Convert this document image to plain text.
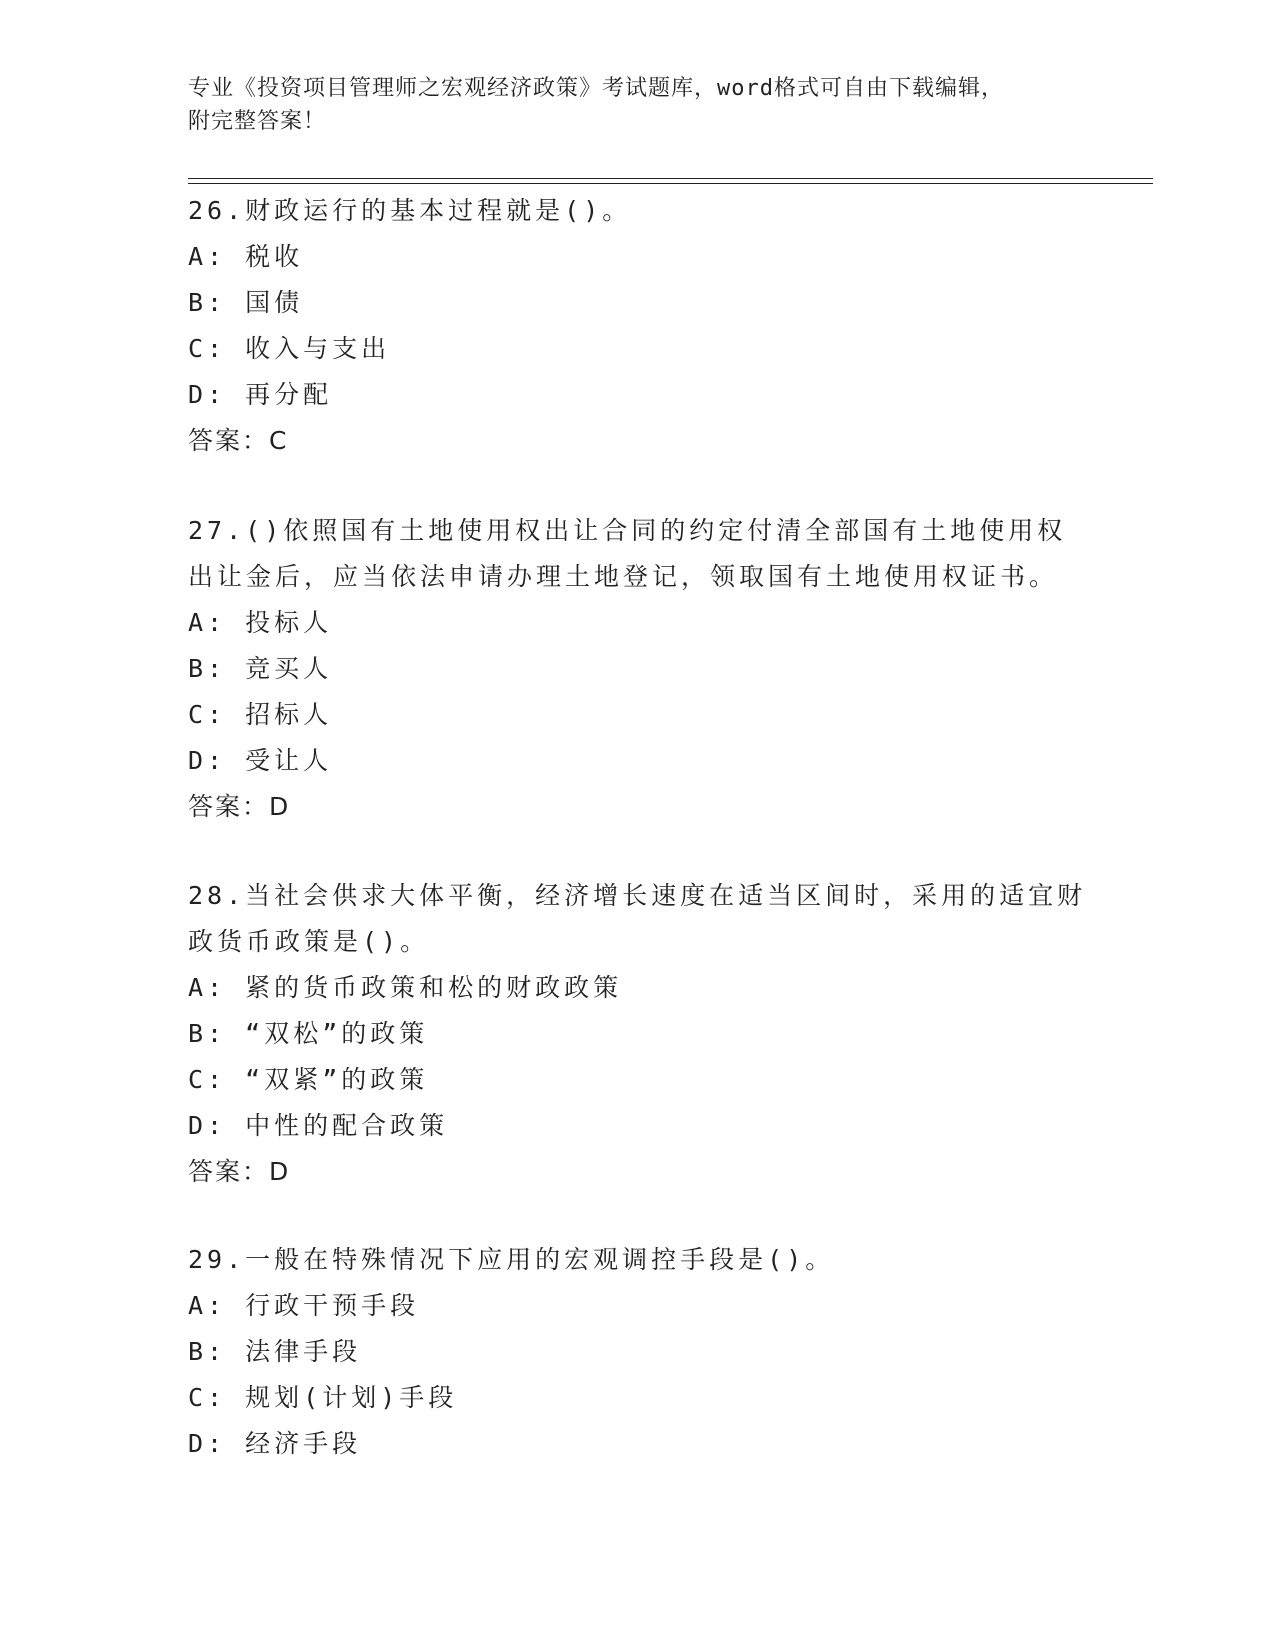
专业《投资项目管理师之宏观经济政策》考试题库，word格式可自由下载编辑，
附完整答案！

26.财政运行的基本过程就是()。

A: 税收

B: 国债

C: 收入与支出

D: 再分配

答案：C

27.()依照国有土地使用权出让合同的约定付清全部国有土地使用权出让金后，应当依法申请办理土地登记，领取国有土地使用权证书。

A: 投标人

B: 竞买人

C: 招标人

D: 受让人

答案：D

28.当社会供求大体平衡，经济增长速度在适当区间时，采用的适宜财政货币政策是()。

A: 紧的货币政策和松的财政政策

B: “双松”的政策

C: “双紧”的政策

D: 中性的配合政策

答案：D

29.一般在特殊情况下应用的宏观调控手段是()。

A: 行政干预手段

B: 法律手段

C: 规划(计划)手段

D: 经济手段
